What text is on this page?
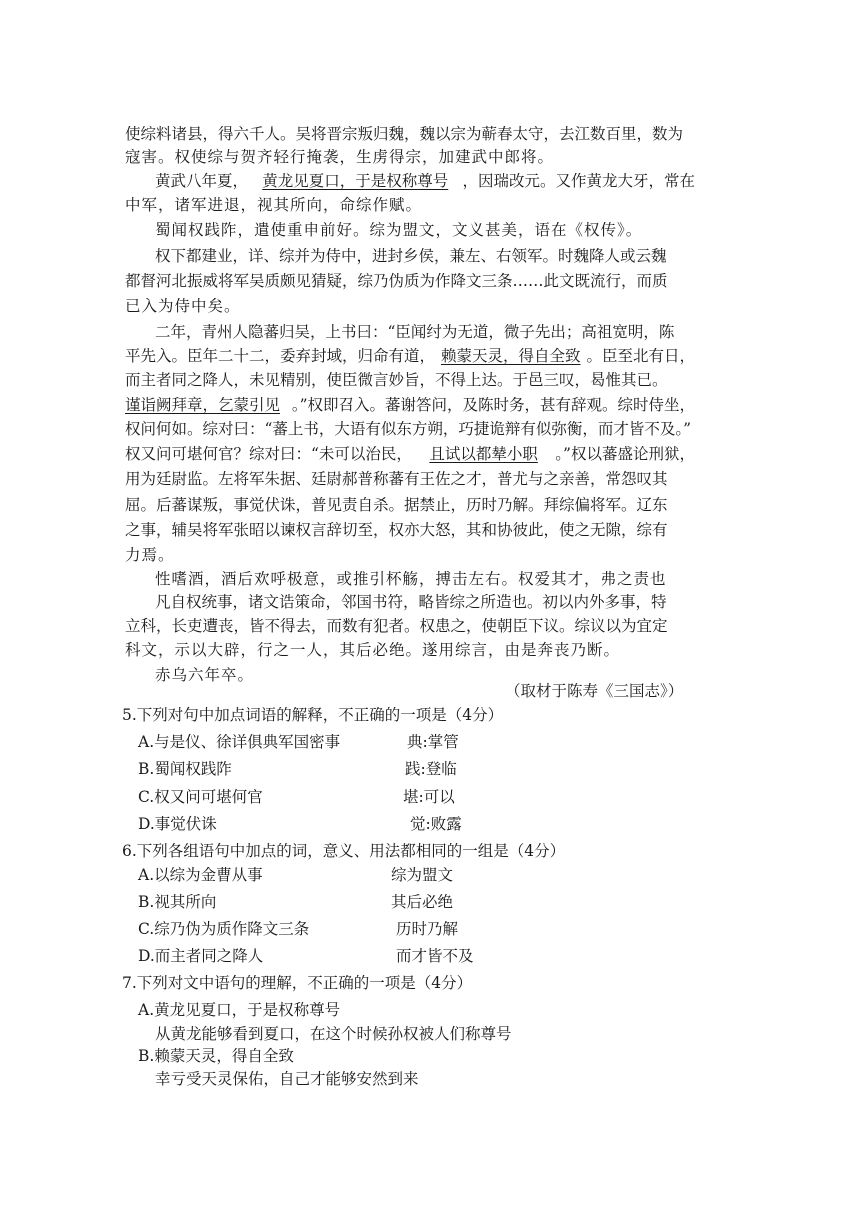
使综料诸县，得六千人。吴将晋宗叛归魏，魏以宗为蕲春太守，去江数百里，数为
寇害。权使综与贺齐轻行掩袭，生虏得宗，加建武中郎将。
黄武八年夏， 黄龙见夏口，于是权称尊号 ，因瑞改元。又作黄龙大牙，常在
中军，诸军进退，视其所向，命综作赋。
蜀闻权践阼，遣使重申前好。综为盟文，文义甚美，语在《权传》。
权下都建业，详、综并为侍中，进封乡侯，兼左、右领军。时魏降人或云魏
都督河北振威将军吴质颇见猜疑，综乃伪质为作降文三条……此文既流行，而质
已入为侍中矣。
二年，青州人隐蕃归吴，上书曰：“臣闻纣为无道，微子先出；高祖宽明，陈
平先入。臣年二十二，委弃封域，归命有道， 赖蒙天灵，得自全致 。臣至北有日，
而主者同之降人，未见精别，使臣微言妙旨，不得上达。于邑三叹，曷惟其已。
谨诣阙拜章，乞蒙引见 。”权即召入。蕃谢答问，及陈时务，甚有辞观。综时侍坐，
权问何如。综对曰：“蕃上书，大语有似东方朔，巧捷诡辩有似弥衡，而才皆不及。”
权又问可堪何官？综对曰：“未可以治民， 且试以都辇小职 。”权以蕃盛论刑狱，
用为廷尉监。左将军朱据、廷尉郝普称蕃有王佐之才，普尤与之亲善，常怨叹其
屈。后蕃谋叛，事觉伏诛，普见责自杀。据禁止，历时乃解。拜综偏将军。辽东
之事，辅吴将军张昭以谏权言辞切至，权亦大怒，其和协彼此，使之无隙，综有
力焉。
性嗜酒，酒后欢呼极意，或推引杯觞，搏击左右。权爱其才，弗之责也
凡自权统事，诸文诰策命，邻国书符，略皆综之所造也。初以内外多事，特
立科，长吏遭丧，皆不得去，而数有犯者。权患之，使朝臣下议。综议以为宜定
科文，示以大辟，行之一人，其后必绝。遂用综言，由是奔丧乃断。
赤乌六年卒。
（取材于陈寿《三国志》）
5.下列对句中加点词语的解释，不正确的一项是（4分）
A.与是仪、徐详俱典军国密事	典:掌管
B.蜀闻权践阼	践:登临
C.权又问可堪何官	堪:可以
D.事觉伏诛	觉:败露
6.下列各组语句中加点的词，意义、用法都相同的一组是（4分）
A.以综为金曹从事	综为盟文
B.视其所向	其后必绝
C.综乃伪为质作降文三条	历时乃解
D.而主者同之降人	而才皆不及
7.下列对文中语句的理解，不正确的一项是（4分）
A.黄龙见夏口，于是权称尊号
从黄龙能够看到夏口，在这个时候孙权被人们称尊号
B.赖蒙天灵，得自全致
幸亏受天灵保佑，自己才能够安然到来
